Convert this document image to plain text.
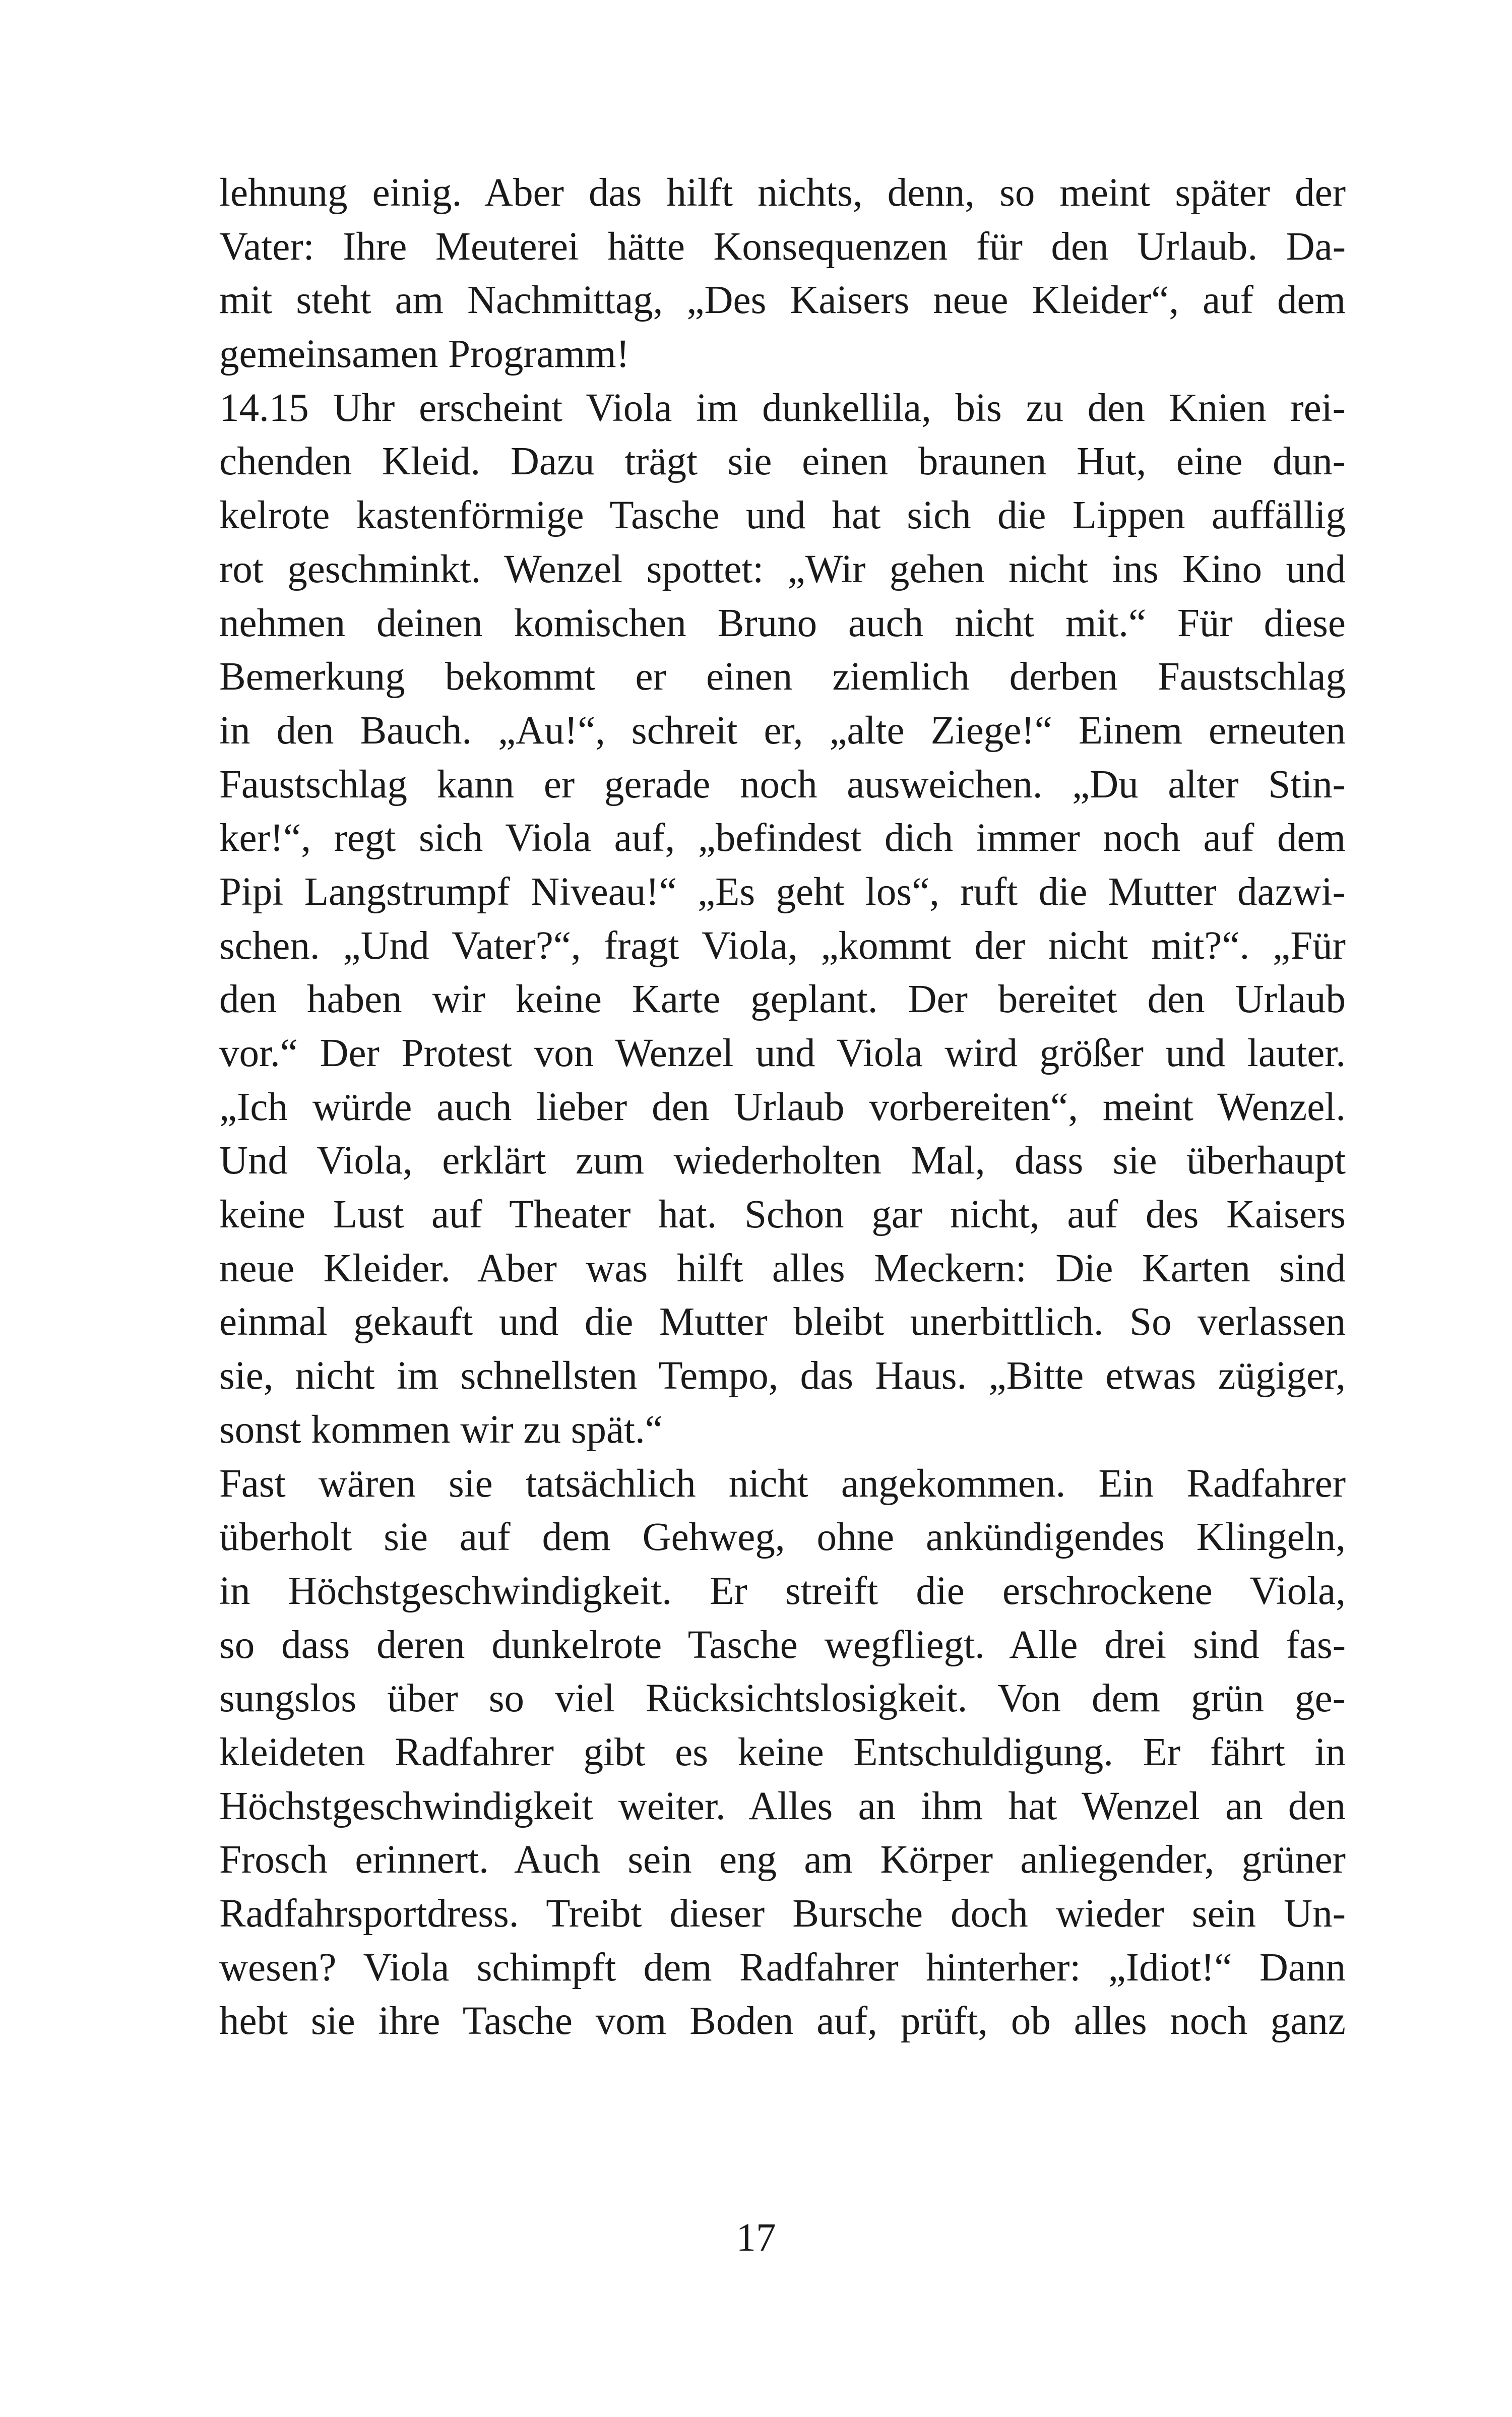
lehnung einig. Aber das hilft nichts, denn, so meint später der
Vater: Ihre Meuterei hätte Konsequenzen für den Urlaub. Da-
mit steht am Nachmittag, „Des Kaisers neue Kleider“, auf dem
gemeinsamen Programm!
14.15 Uhr erscheint Viola im dunkellila, bis zu den Knien rei-
chenden Kleid. Dazu trägt sie einen braunen Hut, eine dun-
kelrote kastenförmige Tasche und hat sich die Lippen auffällig
rot geschminkt. Wenzel spottet: „Wir gehen nicht ins Kino und
nehmen deinen komischen Bruno auch nicht mit.“ Für diese
Bemerkung bekommt er einen ziemlich derben Faustschlag
in den Bauch. „Au!“, schreit er, „alte Ziege!“ Einem erneuten
Faustschlag kann er gerade noch ausweichen. „Du alter Stin-
ker!“, regt sich Viola auf, „befindest dich immer noch auf dem
Pipi Langstrumpf Niveau!“ „Es geht los“, ruft die Mutter dazwi-
schen. „Und Vater?“, fragt Viola, „kommt der nicht mit?“. „Für
den haben wir keine Karte geplant. Der bereitet den Urlaub
vor.“ Der Protest von Wenzel und Viola wird größer und lauter.
„Ich würde auch lieber den Urlaub vorbereiten“, meint Wenzel.
Und Viola, erklärt zum wiederholten Mal, dass sie überhaupt
keine Lust auf Theater hat. Schon gar nicht, auf des Kaisers
neue Kleider. Aber was hilft alles Meckern: Die Karten sind
einmal gekauft und die Mutter bleibt unerbittlich. So verlassen
sie, nicht im schnellsten Tempo, das Haus. „Bitte etwas zügiger,
sonst kommen wir zu spät.“
Fast wären sie tatsächlich nicht angekommen. Ein Radfahrer
überholt sie auf dem Gehweg, ohne ankündigendes Klingeln,
in Höchstgeschwindigkeit. Er streift die erschrockene Viola,
so dass deren dunkelrote Tasche wegfliegt. Alle drei sind fas-
sungslos über so viel Rücksichtslosigkeit. Von dem grün ge-
kleideten Radfahrer gibt es keine Entschuldigung. Er fährt in
Höchstgeschwindigkeit weiter. Alles an ihm hat Wenzel an den
Frosch erinnert. Auch sein eng am Körper anliegender, grüner
Radfahrsportdress. Treibt dieser Bursche doch wieder sein Un-
wesen? Viola schimpft dem Radfahrer hinterher: „Idiot!“ Dann
hebt sie ihre Tasche vom Boden auf, prüft, ob alles noch ganz
17
